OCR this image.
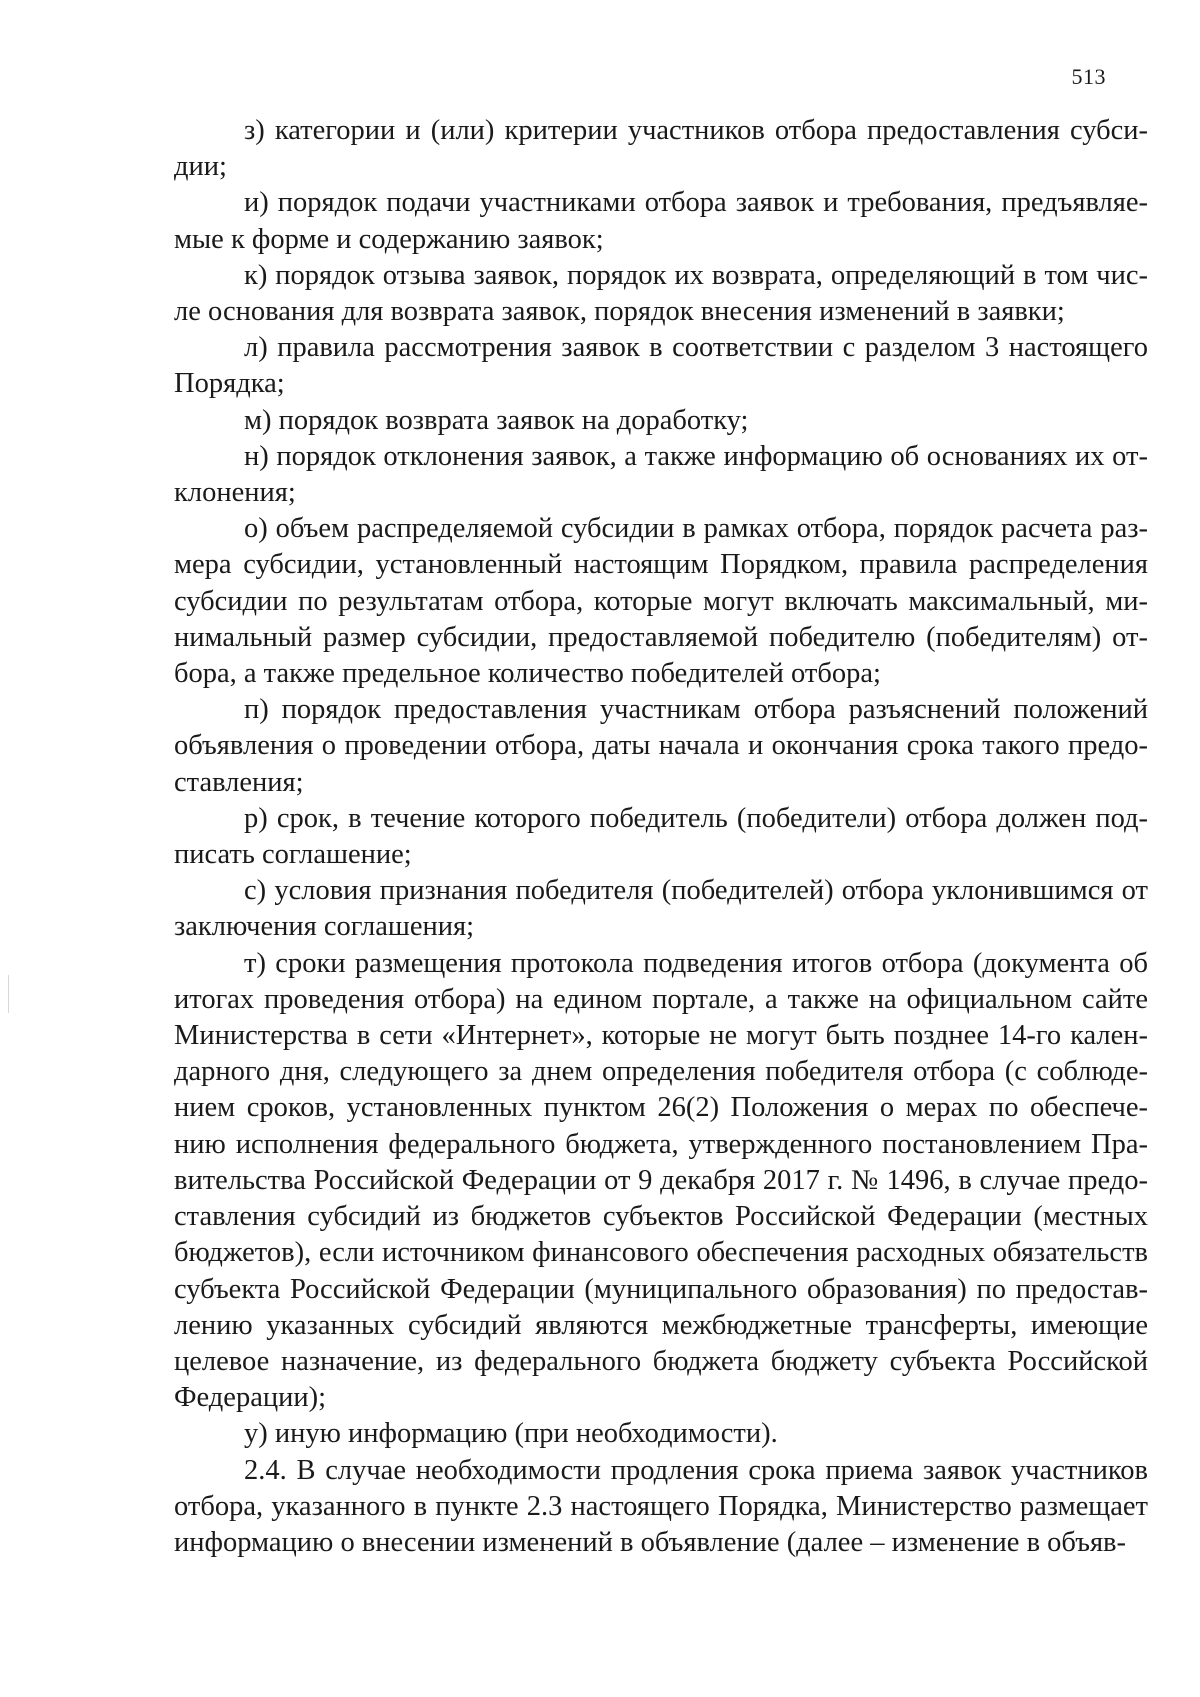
513
з) категории и (или) критерии участников отбора предоставления субси-
дии;
и) порядок подачи участниками отбора заявок и требования, предъявляе-
мые к форме и содержанию заявок;
к) порядок отзыва заявок, порядок их возврата, определяющий в том чис-
ле основания для возврата заявок, порядок внесения изменений в заявки;
л) правила рассмотрения заявок в соответствии с разделом 3 настоящего
Порядка;
м) порядок возврата заявок на доработку;
н) порядок отклонения заявок, а также информацию об основаниях их от-
клонения;
о) объем распределяемой субсидии в рамках отбора, порядок расчета раз-
мера субсидии, установленный настоящим Порядком, правила распределения
субсидии по результатам отбора, которые могут включать максимальный, ми-
нимальный размер субсидии, предоставляемой победителю (победителям) от-
бора, а также предельное количество победителей отбора;
п) порядок предоставления участникам отбора разъяснений положений
объявления о проведении отбора, даты начала и окончания срока такого предо-
ставления;
р) срок, в течение которого победитель (победители) отбора должен под-
писать соглашение;
с) условия признания победителя (победителей) отбора уклонившимся от
заключения соглашения;
т) сроки размещения протокола подведения итогов отбора (документа об
итогах проведения отбора) на едином портале, а также на официальном сайте
Министерства в сети «Интернет», которые не могут быть позднее 14-го кален-
дарного дня, следующего за днем определения победителя отбора (с соблюде-
нием сроков, установленных пунктом 26(2) Положения о мерах по обеспече-
нию исполнения федерального бюджета, утвержденного постановлением Пра-
вительства Российской Федерации от 9 декабря 2017 г. № 1496, в случае предо-
ставления субсидий из бюджетов субъектов Российской Федерации (местных
бюджетов), если источником финансового обеспечения расходных обязательств
субъекта Российской Федерации (муниципального образования) по предостав-
лению указанных субсидий являются межбюджетные трансферты, имеющие
целевое назначение, из федерального бюджета бюджету субъекта Российской
Федерации);
у) иную информацию (при необходимости).
2.4. В случае необходимости продления срока приема заявок участников
отбора, указанного в пункте 2.3 настоящего Порядка, Министерство размещает
информацию о внесении изменений в объявление (далее – изменение в объяв-
